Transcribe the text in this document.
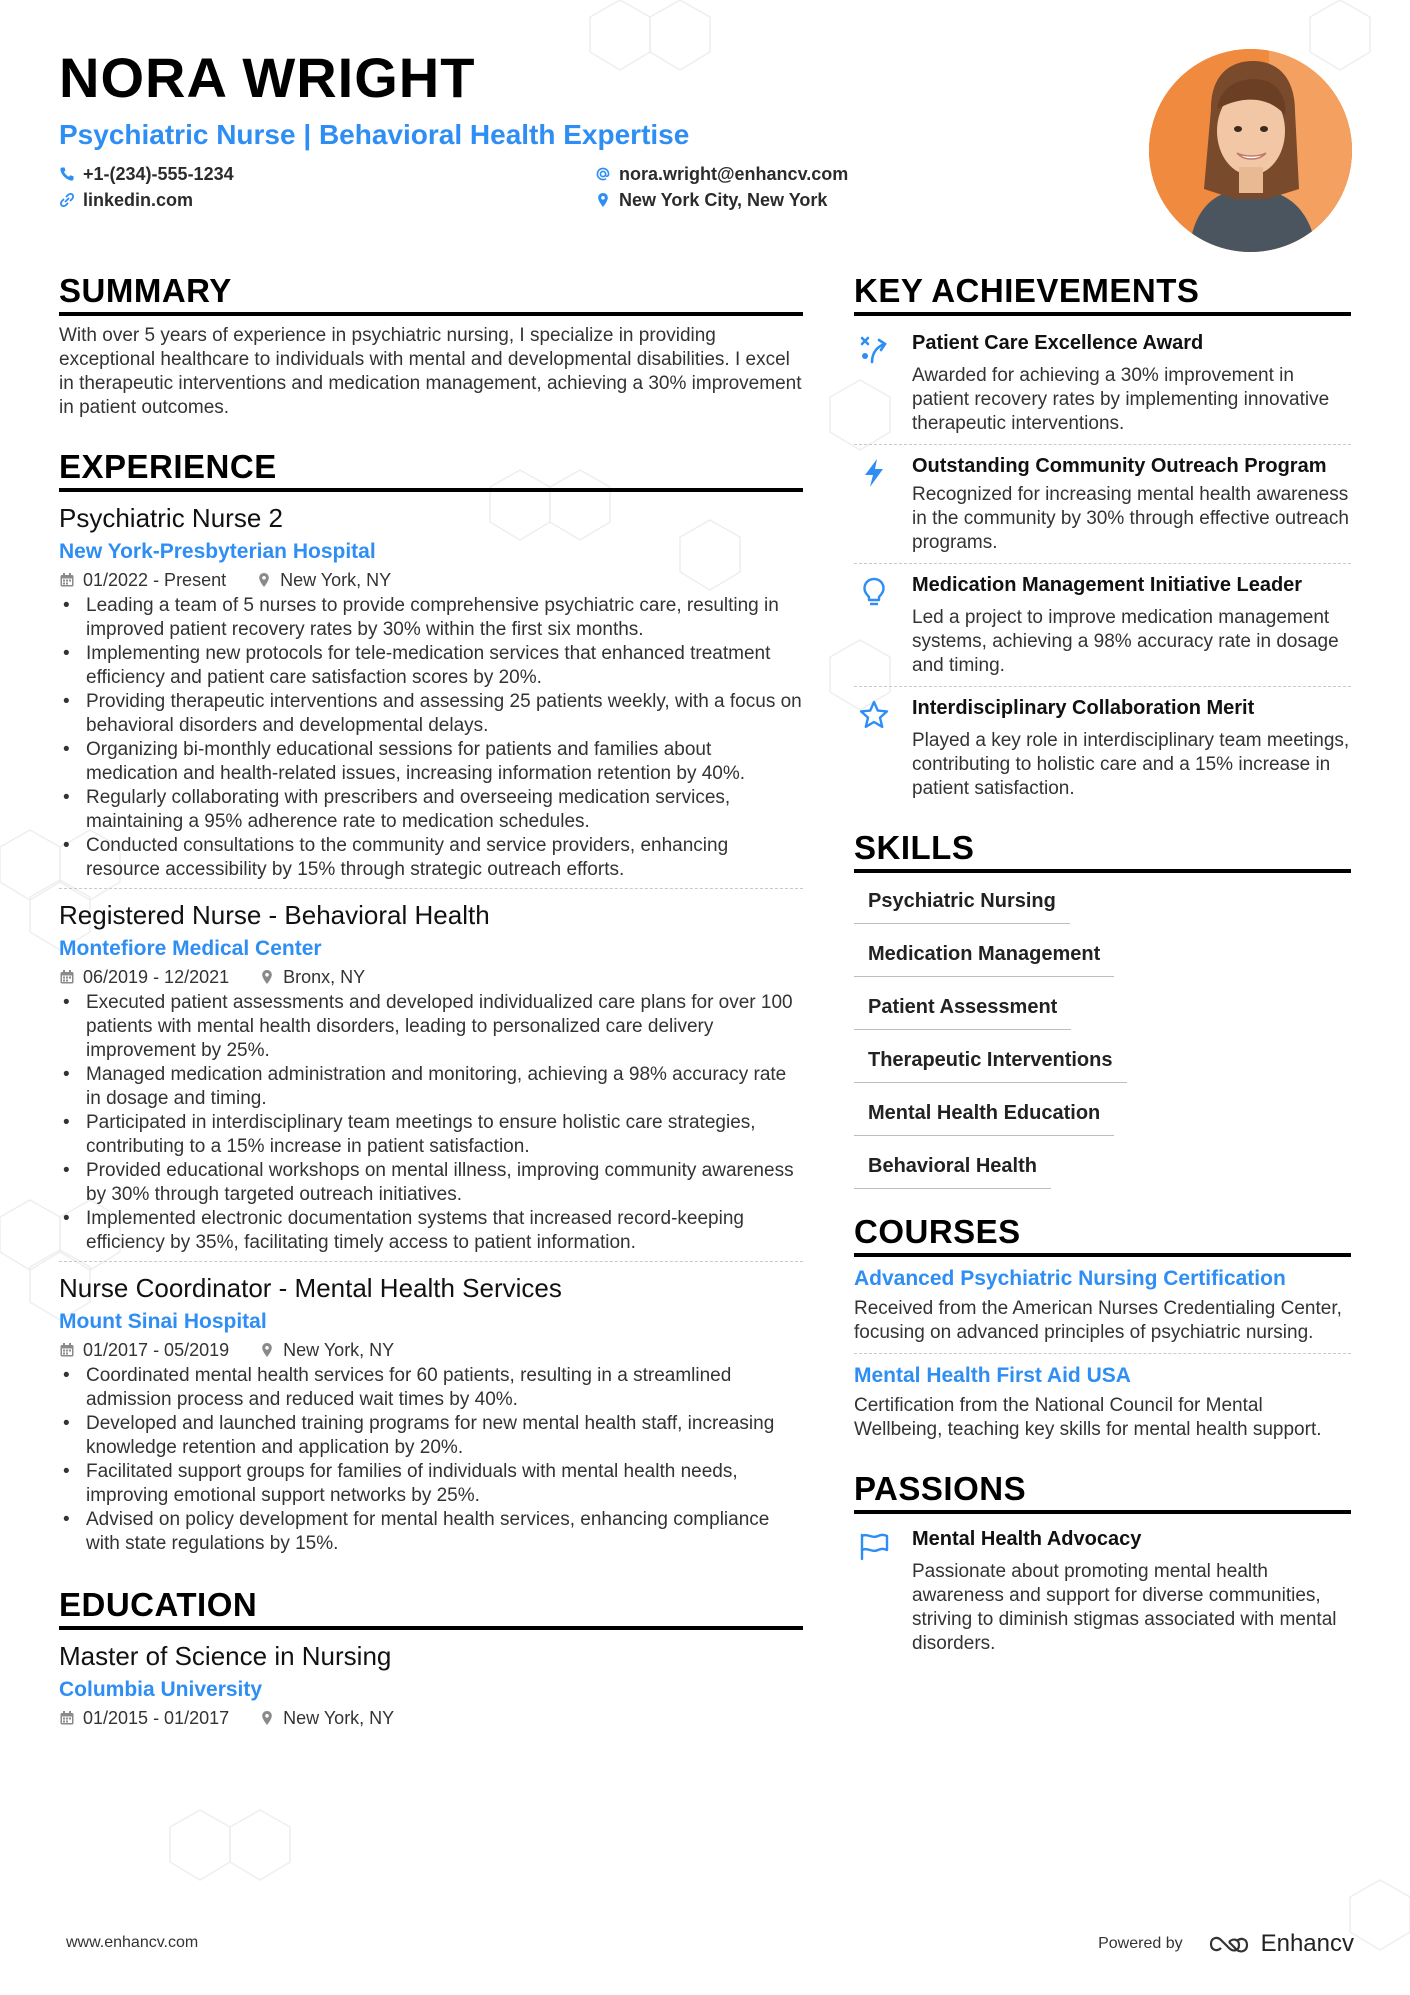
NORA WRIGHT
Psychiatric Nurse | Behavioral Health Expertise
+1-(234)-555-1234
linkedin.com
nora.wright@enhancv.com
New York City, New York
SUMMARY
With over 5 years of experience in psychiatric nursing, I specialize in providing exceptional healthcare to individuals with mental and developmental disabilities. I excel in therapeutic interventions and medication management, achieving a 30% improvement in patient outcomes.
EXPERIENCE
Psychiatric Nurse 2
New York-Presbyterian Hospital
01/2022 - Present	New York, NY
• Leading a team of 5 nurses to provide comprehensive psychiatric care, resulting in improved patient recovery rates by 30% within the first six months.
• Implementing new protocols for tele-medication services that enhanced treatment efficiency and patient care satisfaction scores by 20%.
• Providing therapeutic interventions and assessing 25 patients weekly, with a focus on behavioral disorders and developmental delays.
• Organizing bi-monthly educational sessions for patients and families about medication and health-related issues, increasing information retention by 40%.
• Regularly collaborating with prescribers and overseeing medication services, maintaining a 95% adherence rate to medication schedules.
• Conducted consultations to the community and service providers, enhancing resource accessibility by 15% through strategic outreach efforts.
Registered Nurse - Behavioral Health
Montefiore Medical Center
06/2019 - 12/2021	Bronx, NY
• Executed patient assessments and developed individualized care plans for over 100 patients with mental health disorders, leading to personalized care delivery improvement by 25%.
• Managed medication administration and monitoring, achieving a 98% accuracy rate in dosage and timing.
• Participated in interdisciplinary team meetings to ensure holistic care strategies, contributing to a 15% increase in patient satisfaction.
• Provided educational workshops on mental illness, improving community awareness by 30% through targeted outreach initiatives.
• Implemented electronic documentation systems that increased record-keeping efficiency by 35%, facilitating timely access to patient information.
Nurse Coordinator - Mental Health Services
Mount Sinai Hospital
01/2017 - 05/2019	New York, NY
• Coordinated mental health services for 60 patients, resulting in a streamlined admission process and reduced wait times by 40%.
• Developed and launched training programs for new mental health staff, increasing knowledge retention and application by 20%.
• Facilitated support groups for families of individuals with mental health needs, improving emotional support networks by 25%.
• Advised on policy development for mental health services, enhancing compliance with state regulations by 15%.
EDUCATION
Master of Science in Nursing
Columbia University
01/2015 - 01/2017	New York, NY
KEY ACHIEVEMENTS
Patient Care Excellence Award
Awarded for achieving a 30% improvement in patient recovery rates by implementing innovative therapeutic interventions.
Outstanding Community Outreach Program
Recognized for increasing mental health awareness in the community by 30% through effective outreach programs.
Medication Management Initiative Leader
Led a project to improve medication management systems, achieving a 98% accuracy rate in dosage and timing.
Interdisciplinary Collaboration Merit
Played a key role in interdisciplinary team meetings, contributing to holistic care and a 15% increase in patient satisfaction.
SKILLS
Psychiatric Nursing
Medication Management
Patient Assessment
Therapeutic Interventions
Mental Health Education
Behavioral Health
COURSES
Advanced Psychiatric Nursing Certification
Received from the American Nurses Credentialing Center, focusing on advanced principles of psychiatric nursing.
Mental Health First Aid USA
Certification from the National Council for Mental Wellbeing, teaching key skills for mental health support.
PASSIONS
Mental Health Advocacy
Passionate about promoting mental health awareness and support for diverse communities, striving to diminish stigmas associated with mental disorders.
www.enhancv.com	Powered by	Enhancv
